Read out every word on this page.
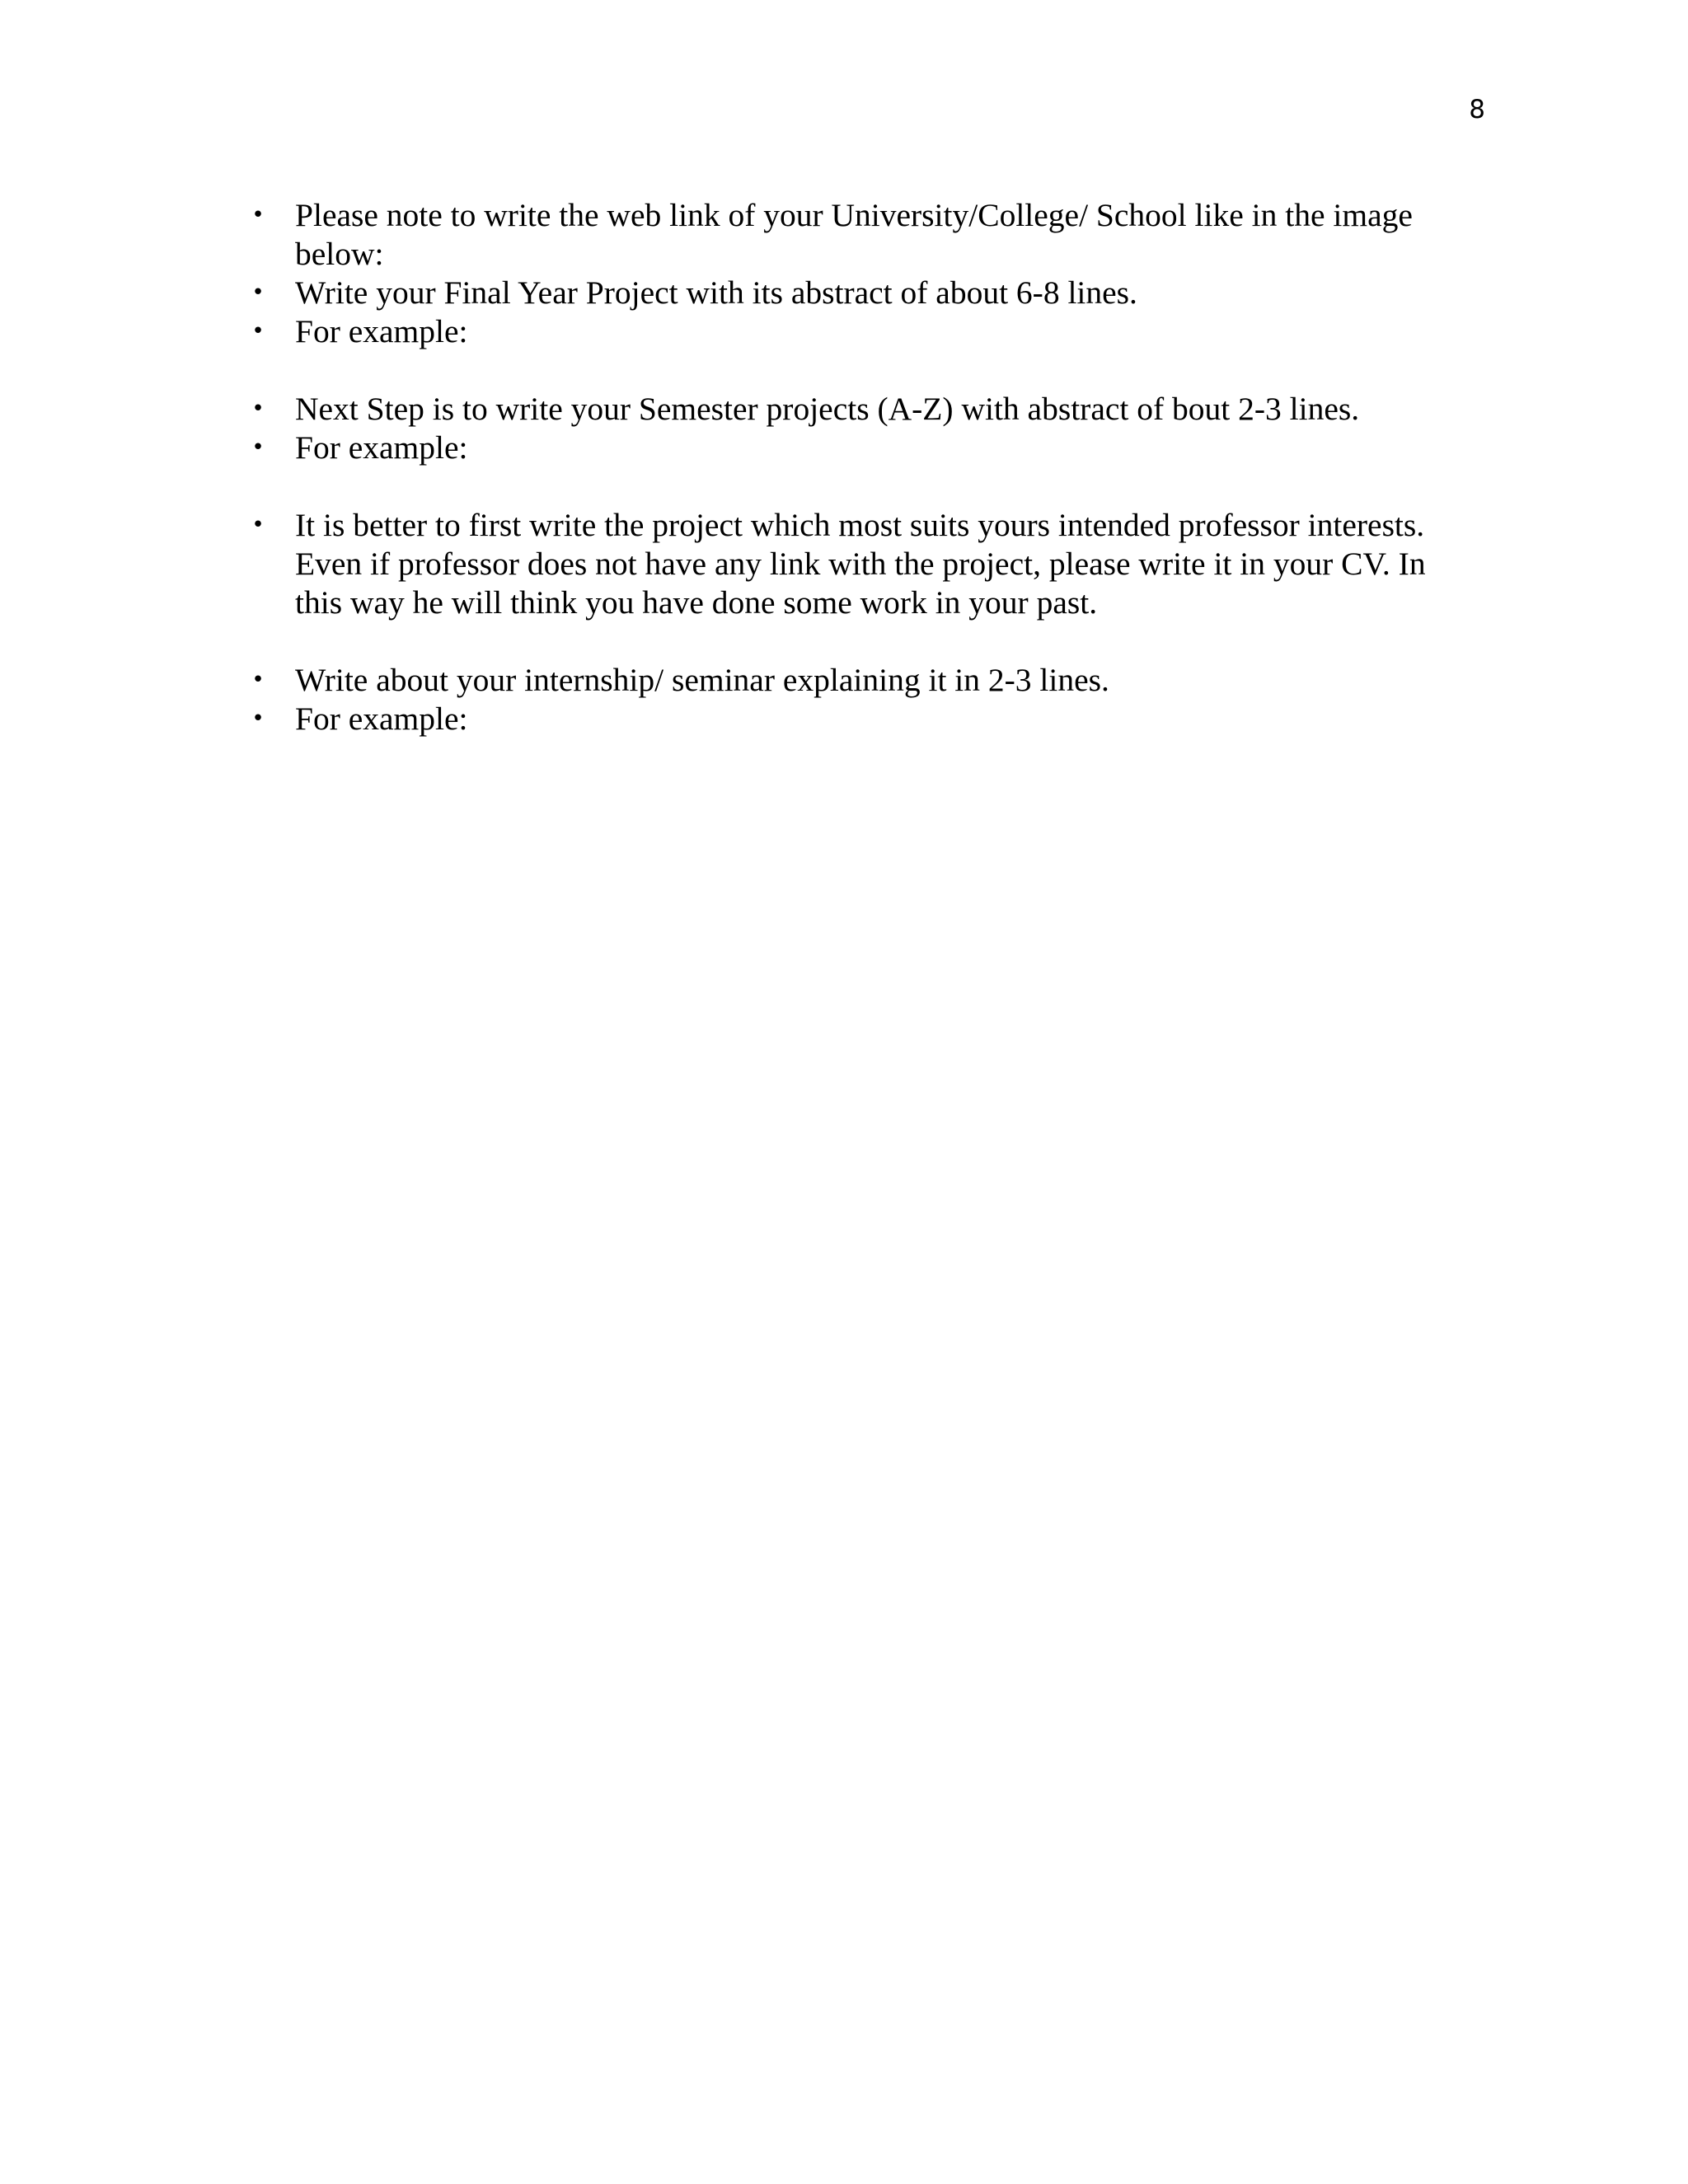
8
• Please note to write the web link of your University/College/ School like in the image below:
• Write your Final Year Project with its abstract of about 6-8 lines.
• For example:
• Next Step is to write your Semester projects (A-Z) with abstract of bout 2-3 lines.
• For example:
• It is better to first write the project which most suits yours intended professor interests. Even if professor does not have any link with the project, please write it in your CV. In this way he will think you have done some work in your past.
• Write about your internship/ seminar explaining it in 2-3 lines.
• For example:
